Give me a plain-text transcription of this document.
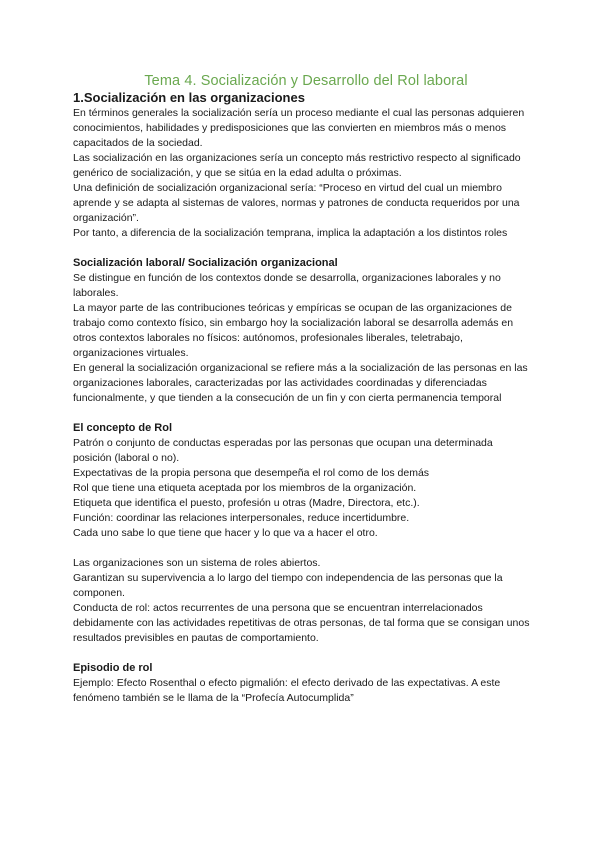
Tema 4. Socialización y Desarrollo del Rol laboral
1.Socialización en las organizaciones

En términos generales la socialización sería un proceso mediante el cual las personas adquieren conocimientos, habilidades y predisposiciones que las convierten en miembros más o menos capacitados de la sociedad.

Las socialización en las organizaciones sería un concepto más restrictivo respecto al significado genérico de socialización, y que se sitúa en la edad adulta o próximas.

Una definición de socialización organizacional sería: “Proceso en virtud del cual un miembro aprende y se adapta al sistemas de valores, normas y patrones de conducta requeridos por una organización”.

Por tanto, a diferencia de la socialización temprana, implica la adaptación a los distintos roles

Socialización laboral/ Socialización organizacional

Se distingue en función de los contextos donde se desarrolla, organizaciones laborales y no laborales.

La mayor parte de las contribuciones teóricas y empíricas se ocupan de las organizaciones de trabajo como contexto físico, sin embargo hoy la socialización laboral se desarrolla además en otros contextos laborales no físicos: autónomos, profesionales liberales, teletrabajo, organizaciones virtuales.

En general la socialización organizacional se refiere más a la socialización de las personas en las organizaciones laborales, caracterizadas por las actividades coordinadas y diferenciadas funcionalmente, y que tienden a la consecución de un fin y con cierta permanencia temporal

El concepto de Rol

Patrón o conjunto de conductas esperadas por las personas que ocupan una determinada posición (laboral o no).

Expectativas de la propia persona que desempeña el rol como de los demás

Rol que tiene una etiqueta aceptada por los miembros de la organización.

Etiqueta que identifica el puesto, profesión u otras (Madre, Directora, etc.).

Función: coordinar las relaciones interpersonales, reduce incertidumbre.

Cada uno sabe lo que tiene que hacer y lo que va a hacer el otro.

Las organizaciones son un sistema de roles abiertos.

Garantizan su supervivencia a lo largo del tiempo con independencia de las personas que la componen.

Conducta de rol: actos recurrentes de una persona que se encuentran interrelacionados debidamente con las actividades repetitivas de otras personas, de tal forma que se consigan unos resultados previsibles en pautas de comportamiento.

Episodio de rol

Ejemplo: Efecto Rosenthal o efecto pigmalión: el efecto derivado de las expectativas. A este fenómeno también se le llama de la “Profecía Autocumplida”
